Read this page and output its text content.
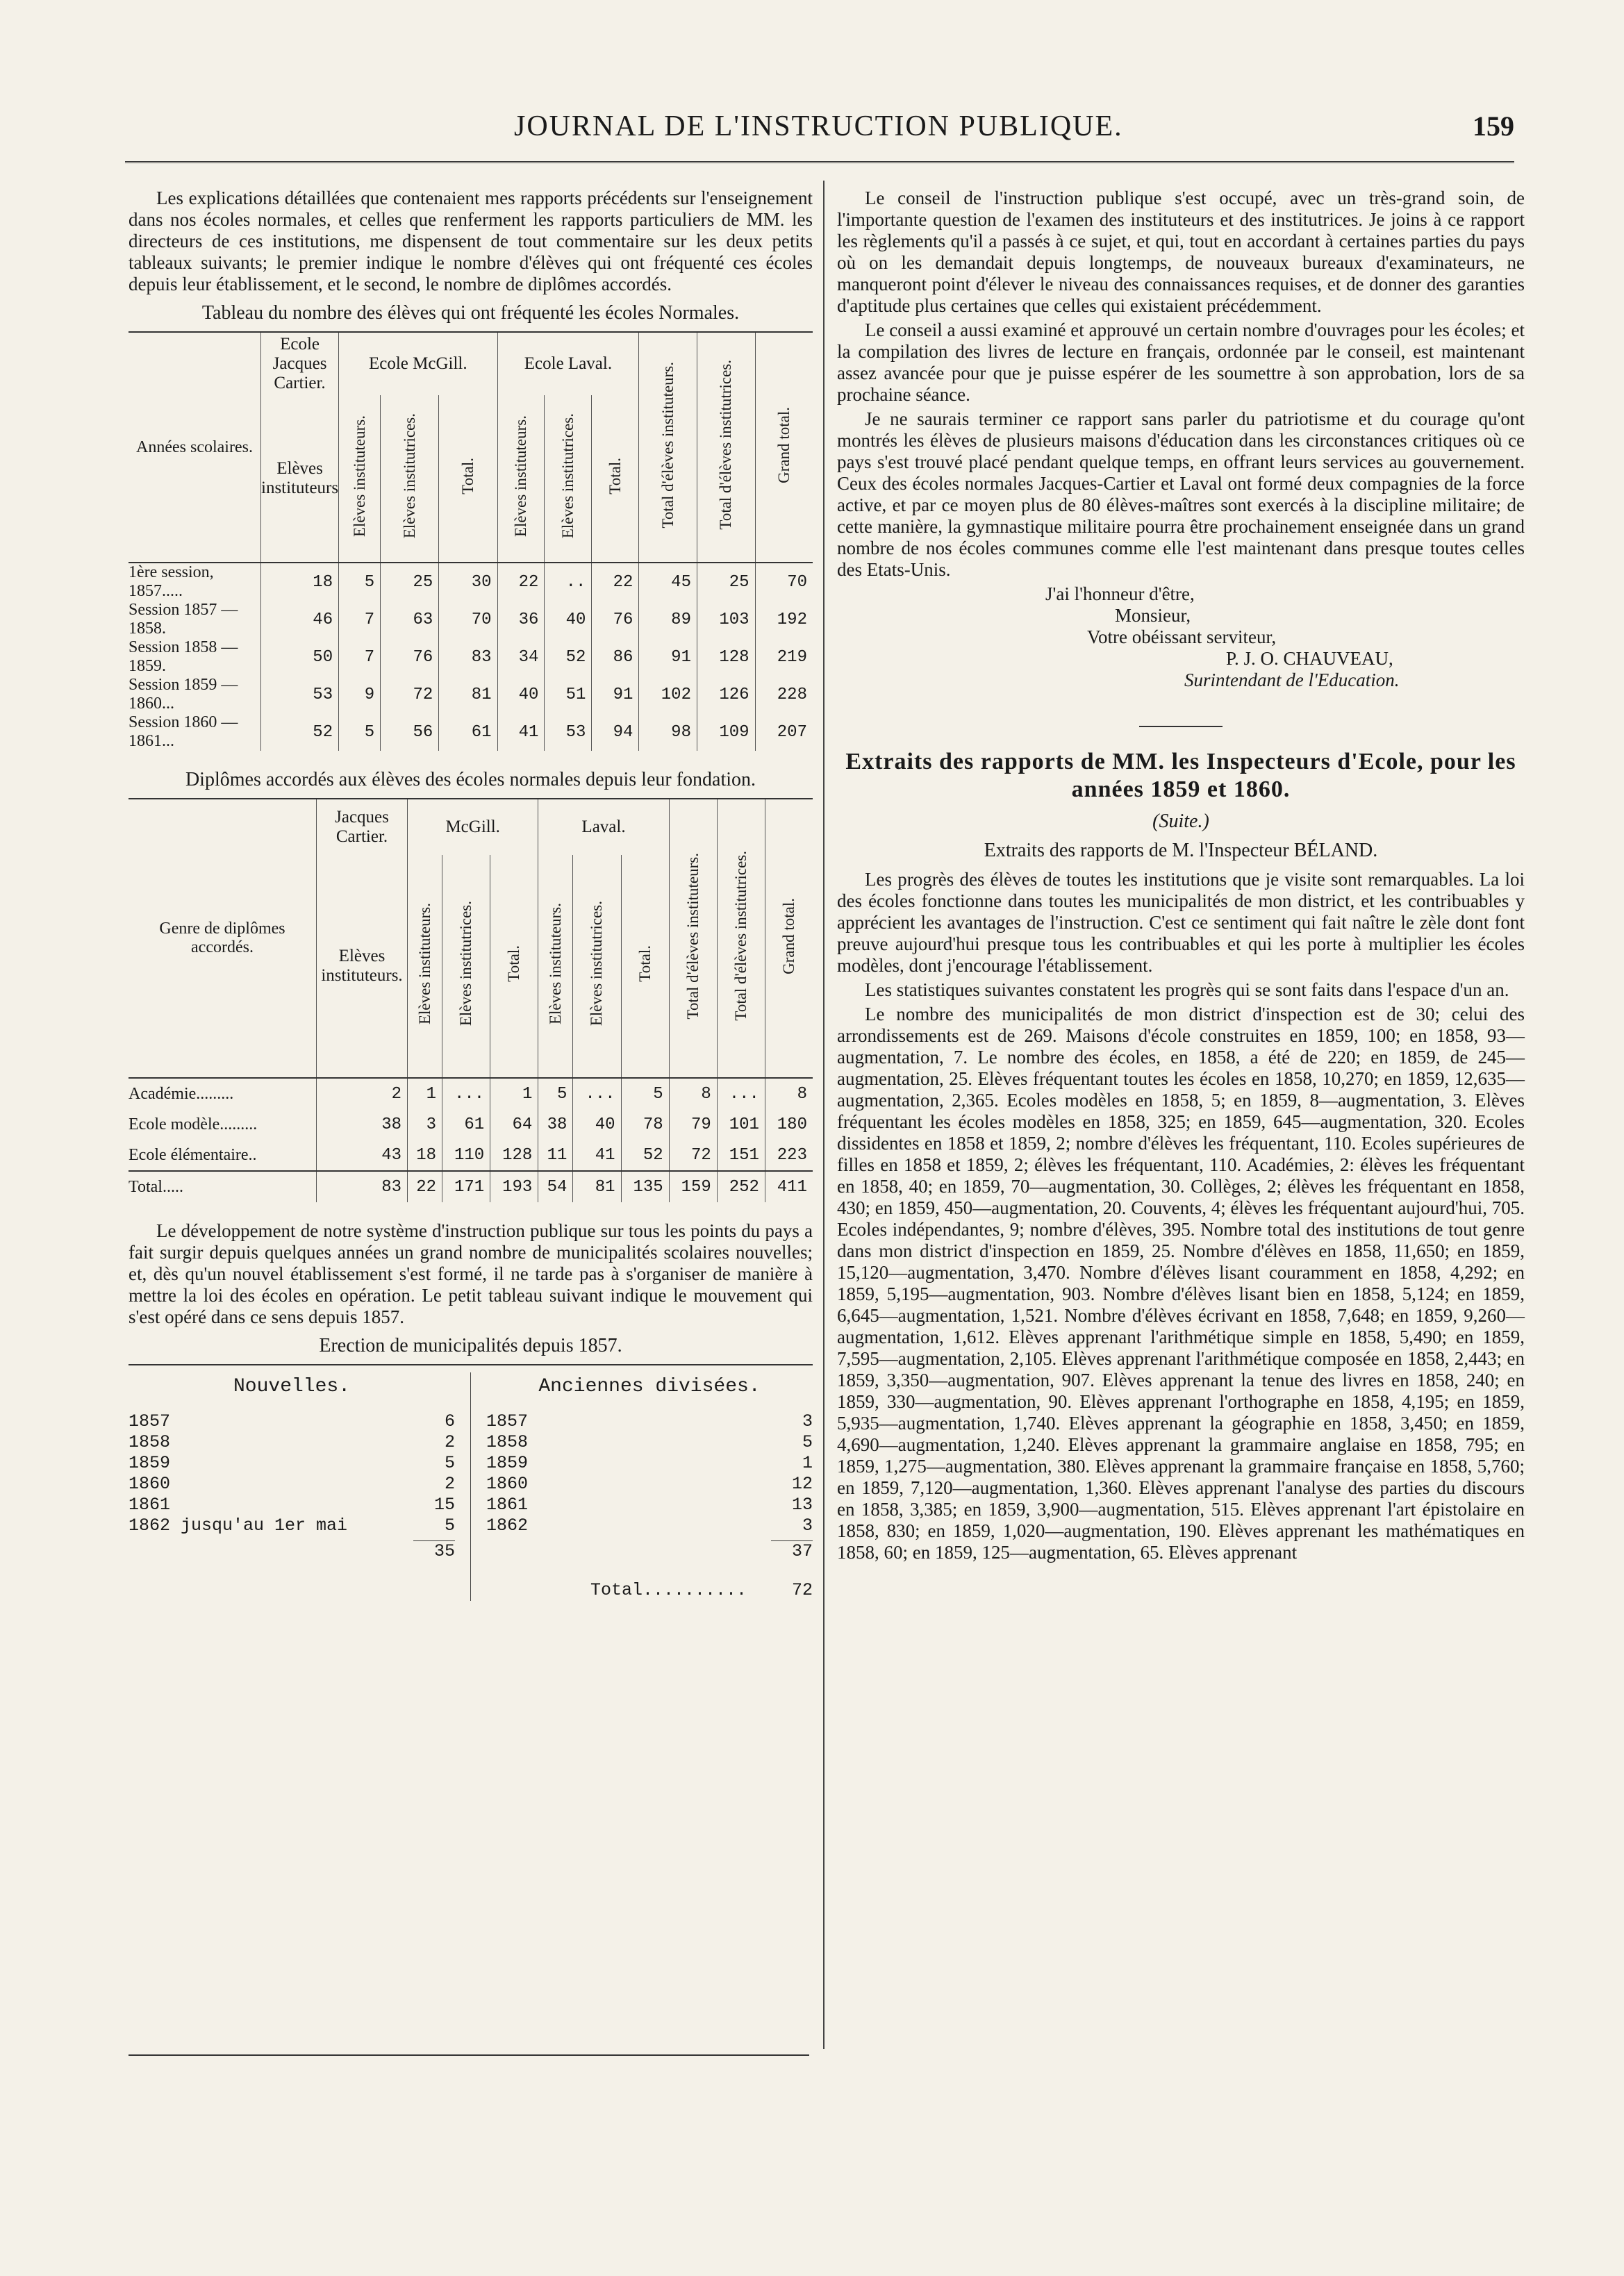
JOURNAL DE L'INSTRUCTION PUBLIQUE.	159

Les explications détaillées que contenaient mes rapports précédents sur l'enseignement dans nos écoles normales, et celles que renferment les rapports particuliers de MM. les directeurs de ces institutions, me dispensent de tout commentaire sur les deux petits tableaux suivants; le premier indique le nombre d'élèves qui ont fréquenté ces écoles depuis leur établissement, et le second, le nombre de diplômes accordés.

Tableau du nombre des élèves qui ont fréquenté les écoles Normales.
Années scolaires.	Ecole Jacques Cartier.	Ecole McGill.			Ecole Laval.			Total d'élèves instituteurs.	Total d'élèves institutrices.	Grand total.
	Elèves instituteurs	Elèves instituteurs.	Elèves institutrices.	Total.	Elèves instituteurs.	Elèves institutrices.	Total.			
1ère session, 1857.....	18	5	25	30	22	..	22	45	25	70
Session 1857 —1858.	46	7	63	70	36	40	76	89	103	192
Session 1858 —1859.	50	7	76	83	34	52	86	91	128	219
Session 1859 —1860...	53	9	72	81	40	51	91	102	126	228
Session 1860 —1861...	52	5	56	61	41	53	94	98	109	207
Diplômes accordés aux élèves des écoles normales depuis leur fondation.
Genre de diplômes accordés.	Jacques Cartier.	McGill.			Laval.			Total d'élèves instituteurs.	Total d'élèves institutrices.	Grand total.
	Elèves instituteurs.	Elèves instituteurs.	Elèves institutrices.	Total.	Elèves instituteurs.	Elèves institutrices.	Total.			
Académie.........	2	1	...	1	5	...	5	8	...	8
Ecole modèle.........	38	3	61	64	38	40	78	79	101	180
Ecole élémentaire..	43	18	110	128	11	41	52	72	151	223
Total.....	83	22	171	193	54	81	135	159	252	411

Le développement de notre système d'instruction publique sur tous les points du pays a fait surgir depuis quelques années un grand nombre de municipalités scolaires nouvelles; et, dès qu'un nouvel établissement s'est formé, il ne tarde pas à s'organiser de manière à mettre la loi des écoles en opération. Le petit tableau suivant indique le mouvement qui s'est opéré dans ce sens depuis 1857.

Erection de municipalités depuis 1857.
Nouvelles.
1857	6
1858	2
1859	5
1860	2
1861	15
1862 jusqu'au 1er mai	5
35
Anciennes divisées.
1857	3
1858	5
1859	1
1860	12
1861	13
1862	3
37
Total..........	72

Le conseil de l'instruction publique s'est occupé, avec un très-grand soin, de l'importante question de l'examen des instituteurs et des institutrices. Je joins à ce rapport les règlements qu'il a passés à ce sujet, et qui, tout en accordant à certaines parties du pays où on les demandait depuis longtemps, de nouveaux bureaux d'examinateurs, ne manqueront point d'élever le niveau des connaissances requises, et de donner des garanties d'aptitude plus certaines que celles qui existaient précédemment.

Le conseil a aussi examiné et approuvé un certain nombre d'ouvrages pour les écoles; et la compilation des livres de lecture en français, ordonnée par le conseil, est maintenant assez avancée pour que je puisse espérer de les soumettre à son approbation, lors de sa prochaine séance.

Je ne saurais terminer ce rapport sans parler du patriotisme et du courage qu'ont montrés les élèves de plusieurs maisons d'éducation dans les circonstances critiques où ce pays s'est trouvé placé pendant quelque temps, en offrant leurs services au gouvernement. Ceux des écoles normales Jacques-Cartier et Laval ont formé deux compagnies de la force active, et par ce moyen plus de 80 élèves-maîtres sont exercés à la discipline militaire; de cette manière, la gymnastique militaire pourra être prochainement enseignée dans un grand nombre de nos écoles communes comme elle l'est maintenant dans presque toutes celles des Etats-Unis.

J'ai l'honneur d'être,
Monsieur,
Votre obéissant serviteur,
P. J. O. CHAUVEAU,
Surintendant de l'Education.
Extraits des rapports de MM. les Inspecteurs d'Ecole, pour les années 1859 et 1860.
(Suite.)
Extraits des rapports de M. l'Inspecteur BÉLAND.

Les progrès des élèves de toutes les institutions que je visite sont remarquables. La loi des écoles fonctionne dans toutes les municipalités de mon district, et les contribuables y apprécient les avantages de l'instruction. C'est ce sentiment qui fait naître le zèle dont font preuve aujourd'hui presque tous les contribuables et qui les porte à multiplier les écoles modèles, dont j'encourage l'établissement.

Les statistiques suivantes constatent les progrès qui se sont faits dans l'espace d'un an.

Le nombre des municipalités de mon district d'inspection est de 30; celui des arrondissements est de 269. Maisons d'école construites en 1859, 100; en 1858, 93—augmentation, 7. Le nombre des écoles, en 1858, a été de 220; en 1859, de 245—augmentation, 25. Elèves fréquentant toutes les écoles en 1858, 10,270; en 1859, 12,635—augmentation, 2,365. Ecoles modèles en 1858, 5; en 1859, 8—augmentation, 3. Elèves fréquentant les écoles modèles en 1858, 325; en 1859, 645—augmentation, 320. Ecoles dissidentes en 1858 et 1859, 2; nombre d'élèves les fréquentant, 110. Ecoles supérieures de filles en 1858 et 1859, 2; élèves les fréquentant, 110. Académies, 2: élèves les fréquentant en 1858, 40; en 1859, 70—augmentation, 30. Collèges, 2; élèves les fréquentant en 1858, 430; en 1859, 450—augmentation, 20. Couvents, 4; élèves les fréquentant aujourd'hui, 705. Ecoles indépendantes, 9; nombre d'élèves, 395. Nombre total des institutions de tout genre dans mon district d'inspection en 1859, 25. Nombre d'élèves en 1858, 11,650; en 1859, 15,120—augmentation, 3,470. Nombre d'élèves lisant couramment en 1858, 4,292; en 1859, 5,195—augmentation, 903. Nombre d'élèves lisant bien en 1858, 5,124; en 1859, 6,645—augmentation, 1,521. Nombre d'élèves écrivant en 1858, 7,648; en 1859, 9,260—augmentation, 1,612. Elèves apprenant l'arithmétique simple en 1858, 5,490; en 1859, 7,595—augmentation, 2,105. Elèves apprenant l'arithmétique composée en 1858, 2,443; en 1859, 3,350—augmentation, 907. Elèves apprenant la tenue des livres en 1858, 240; en 1859, 330—augmentation, 90. Elèves apprenant l'orthographe en 1858, 4,195; en 1859, 5,935—augmentation, 1,740. Elèves apprenant la géographie en 1858, 3,450; en 1859, 4,690—augmentation, 1,240. Elèves apprenant la grammaire anglaise en 1858, 795; en 1859, 1,275—augmentation, 380. Elèves apprenant la grammaire française en 1858, 5,760; en 1859, 7,120—augmentation, 1,360. Elèves apprenant l'analyse des parties du discours en 1858, 3,385; en 1859, 3,900—augmentation, 515. Elèves apprenant l'art épistolaire en 1858, 830; en 1859, 1,020—augmentation, 190. Elèves apprenant les mathématiques en 1858, 60; en 1859, 125—augmentation, 65. Elèves apprenant
